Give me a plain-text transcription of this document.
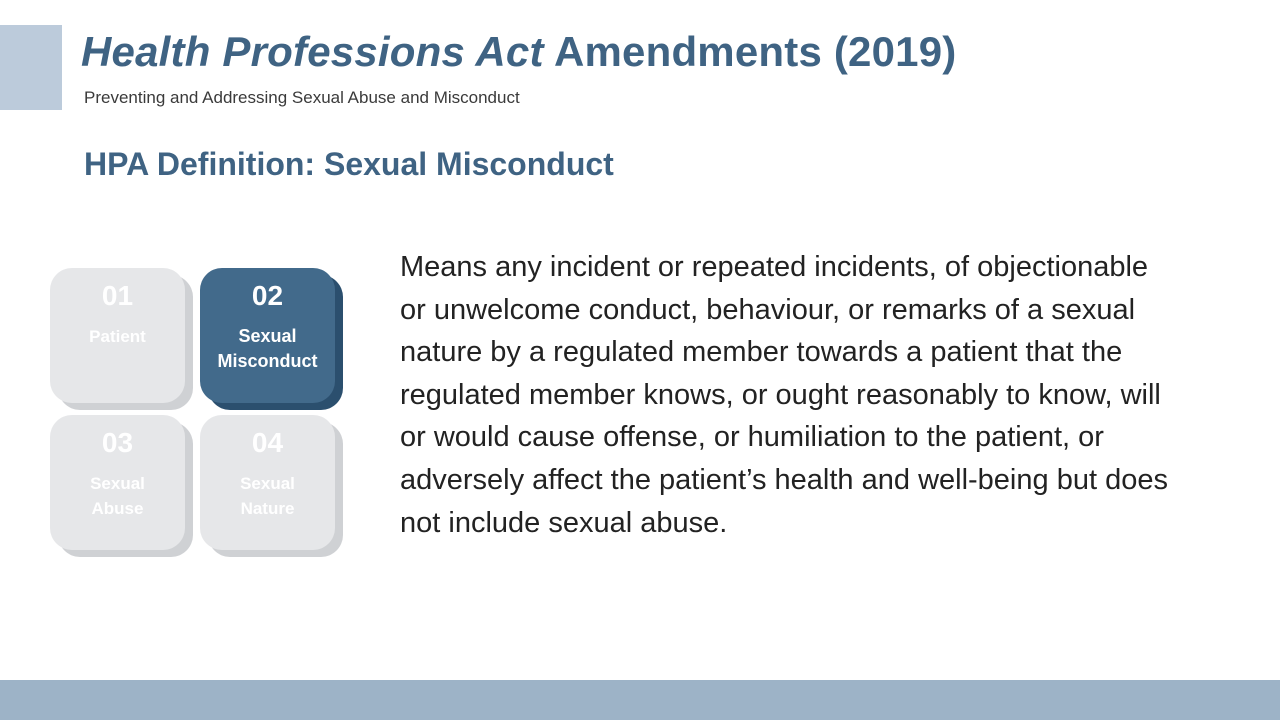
Health Professions Act Amendments (2019)
Preventing and Addressing Sexual Abuse and Misconduct
HPA Definition: Sexual Misconduct
01
Patient
02
Sexual Misconduct
03
Sexual Abuse
04
Sexual Nature

Means any incident or repeated incidents, of objectionable or unwelcome conduct, behaviour, or remarks of a sexual nature by a regulated member towards a patient that the regulated member knows, or ought reasonably to know, will or would cause offense, or humiliation to the patient, or adversely affect the patient’s health and well-being but does not include sexual abuse.
